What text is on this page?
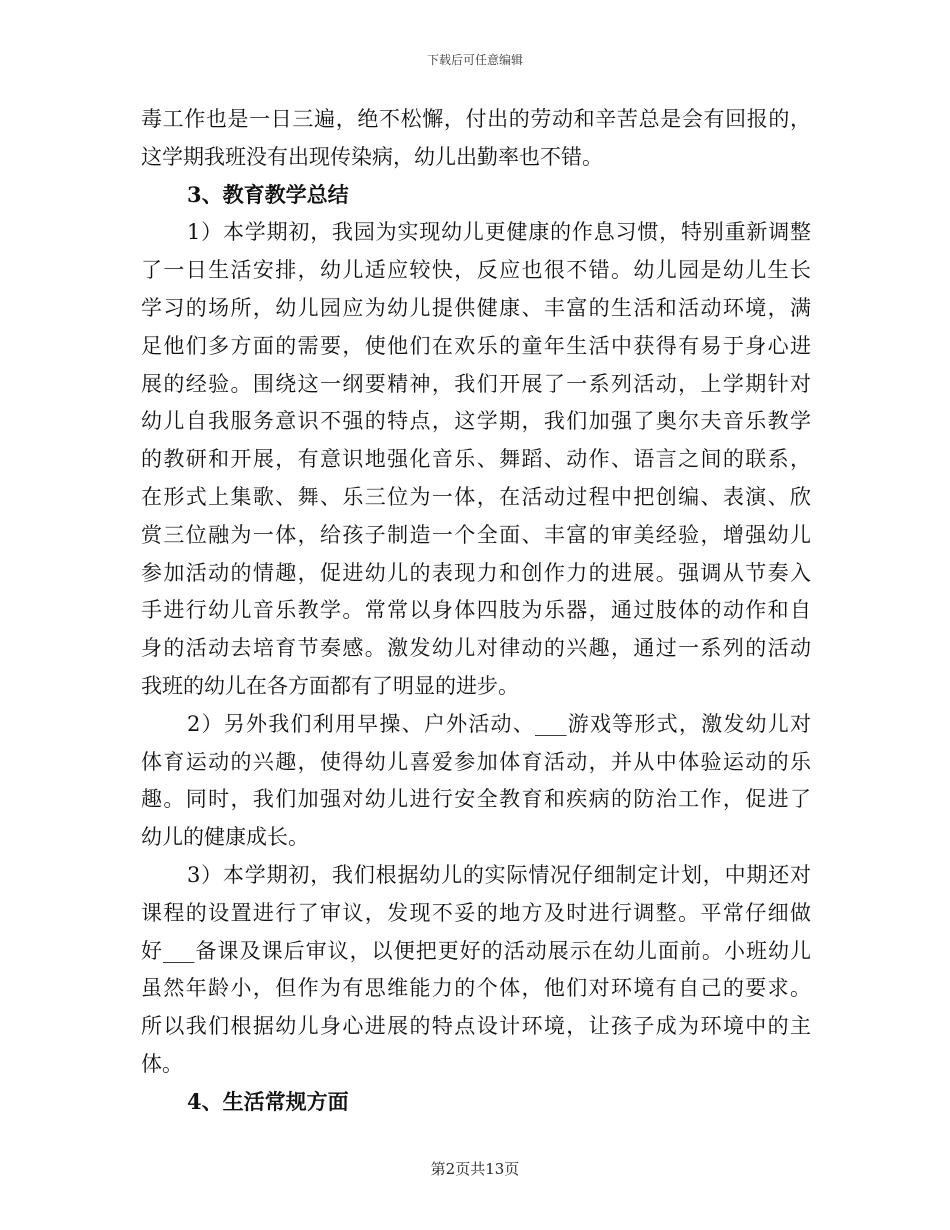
下载后可任意编辑
毒工作也是一日三遍，绝不松懈，付出的劳动和辛苦总是会有回报的，
这学期我班没有出现传染病，幼儿出勤率也不错。
3、教育教学总结
1）本学期初，我园为实现幼儿更健康的作息习惯，特别重新调整
了一日生活安排，幼儿适应较快，反应也很不错。幼儿园是幼儿生长
学习的场所，幼儿园应为幼儿提供健康、丰富的生活和活动环境，满
足他们多方面的需要，使他们在欢乐的童年生活中获得有易于身心进
展的经验。围绕这一纲要精神，我们开展了一系列活动，上学期针对
幼儿自我服务意识不强的特点，这学期，我们加强了奥尔夫音乐教学
的教研和开展，有意识地强化音乐、舞蹈、动作、语言之间的联系，
在形式上集歌、舞、乐三位为一体，在活动过程中把创编、表演、欣
赏三位融为一体，给孩子制造一个全面、丰富的审美经验，增强幼儿
参加活动的情趣，促进幼儿的表现力和创作力的进展。强调从节奏入
手进行幼儿音乐教学。常常以身体四肢为乐器，通过肢体的动作和自
身的活动去培育节奏感。激发幼儿对律动的兴趣，通过一系列的活动
我班的幼儿在各方面都有了明显的进步。
2）另外我们利用早操、户外活动、___游戏等形式，激发幼儿对
体育运动的兴趣，使得幼儿喜爱参加体育活动，并从中体验运动的乐
趣。同时，我们加强对幼儿进行安全教育和疾病的防治工作，促进了
幼儿的健康成长。
3）本学期初，我们根据幼儿的实际情况仔细制定计划，中期还对
课程的设置进行了审议，发现不妥的地方及时进行调整。平常仔细做
好___备课及课后审议，以便把更好的活动展示在幼儿面前。小班幼儿
虽然年龄小，但作为有思维能力的个体，他们对环境有自己的要求。
所以我们根据幼儿身心进展的特点设计环境，让孩子成为环境中的主
体。
4、生活常规方面
第2页共13页
